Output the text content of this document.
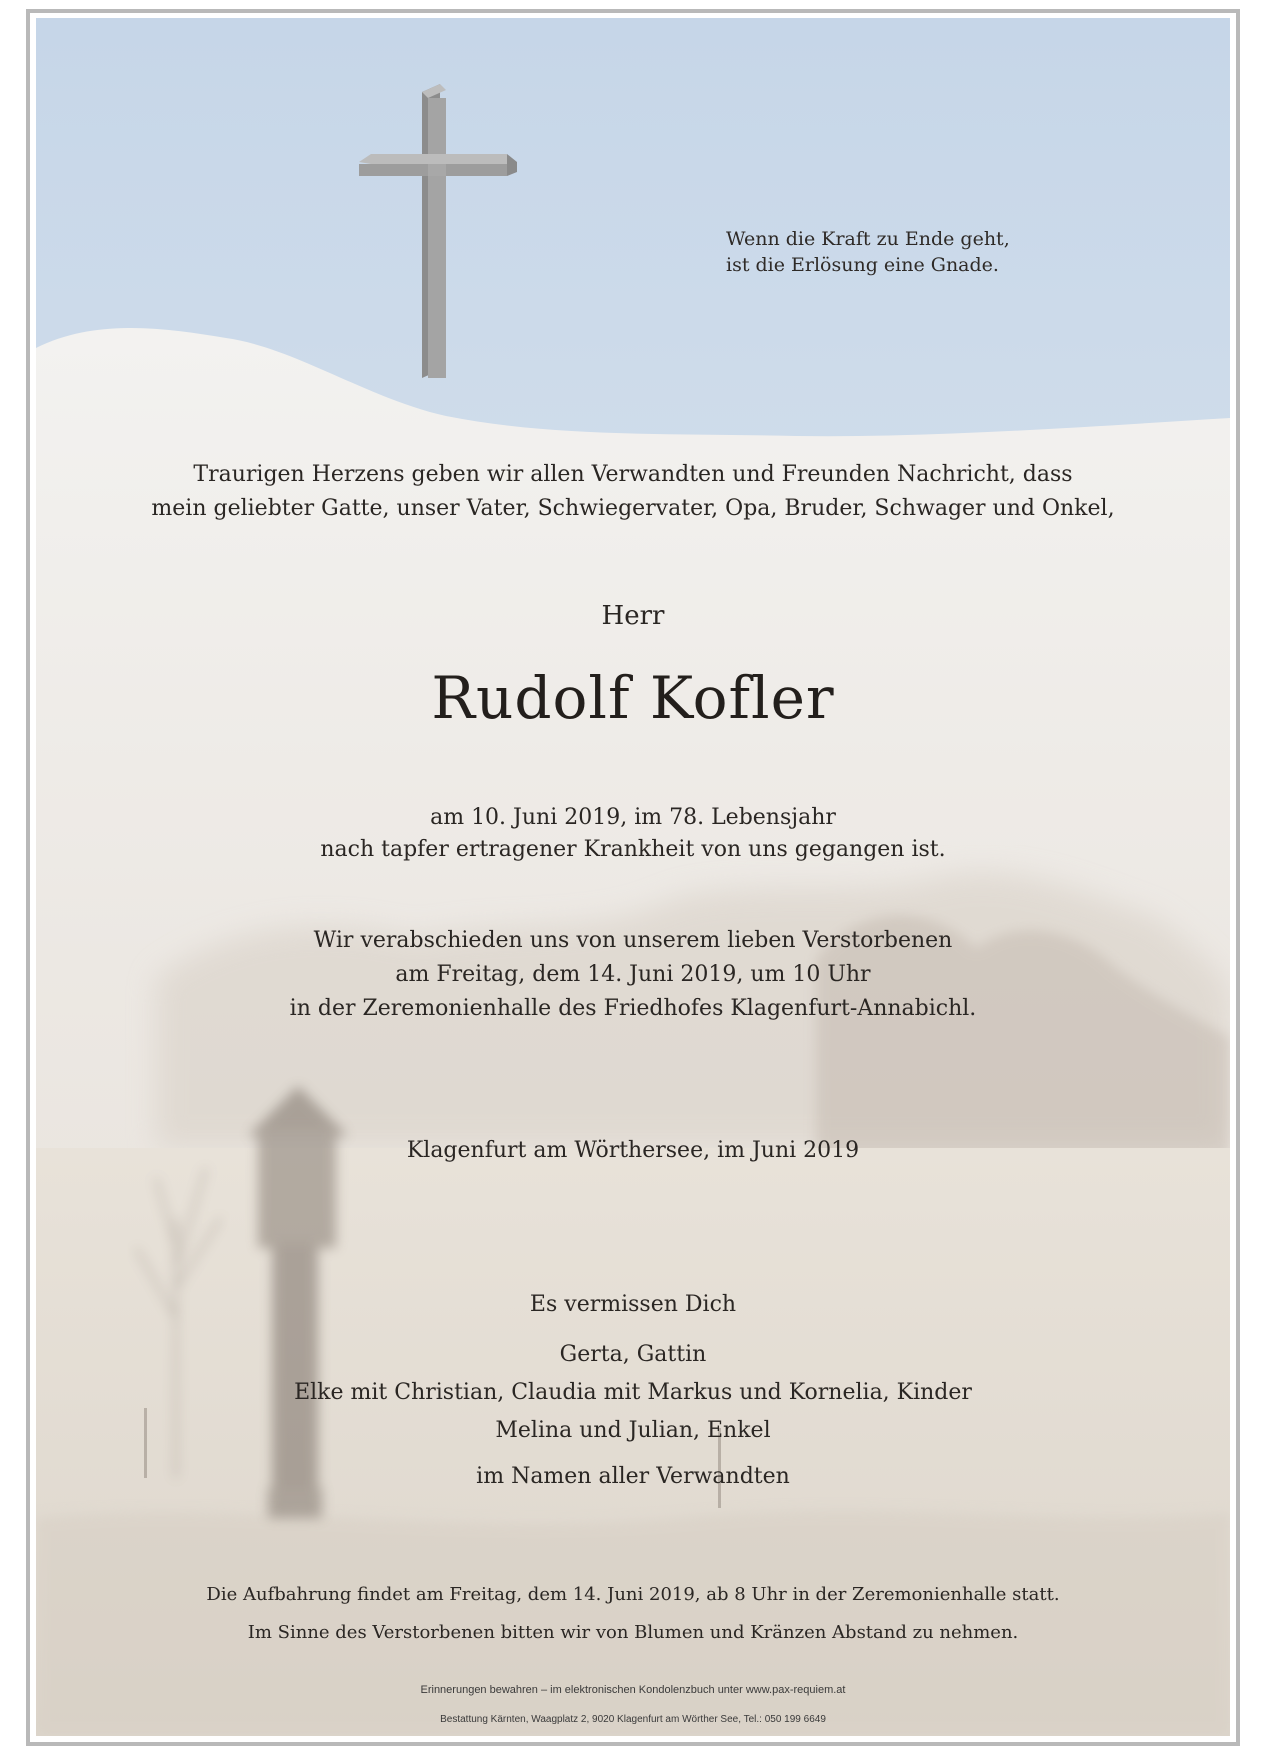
Wenn die Kraft zu Ende geht,
ist die Erlösung eine Gnade.
Traurigen Herzens geben wir allen Verwandten und Freunden Nachricht, dass
mein geliebter Gatte, unser Vater, Schwiegervater, Opa, Bruder, Schwager und Onkel,
Herr
Rudolf Kofler
am 10. Juni 2019, im 78. Lebensjahr
nach tapfer ertragener Krankheit von uns gegangen ist.
Wir verabschieden uns von unserem lieben Verstorbenen
am Freitag, dem 14. Juni 2019, um 10 Uhr
in der Zeremonienhalle des Friedhofes Klagenfurt-Annabichl.
Klagenfurt am Wörthersee, im Juni 2019
Es vermissen Dich
Gerta, Gattin
Elke mit Christian, Claudia mit Markus und Kornelia, Kinder
Melina und Julian, Enkel
im Namen aller Verwandten
Die Aufbahrung findet am Freitag, dem 14. Juni 2019, ab 8 Uhr in der Zeremonienhalle statt.
Im Sinne des Verstorbenen bitten wir von Blumen und Kränzen Abstand zu nehmen.
Erinnerungen bewahren – im elektronischen Kondolenzbuch unter www.pax-requiem.at
Bestattung Kärnten, Waagplatz 2, 9020 Klagenfurt am Wörther See, Tel.: 050 199 6649
